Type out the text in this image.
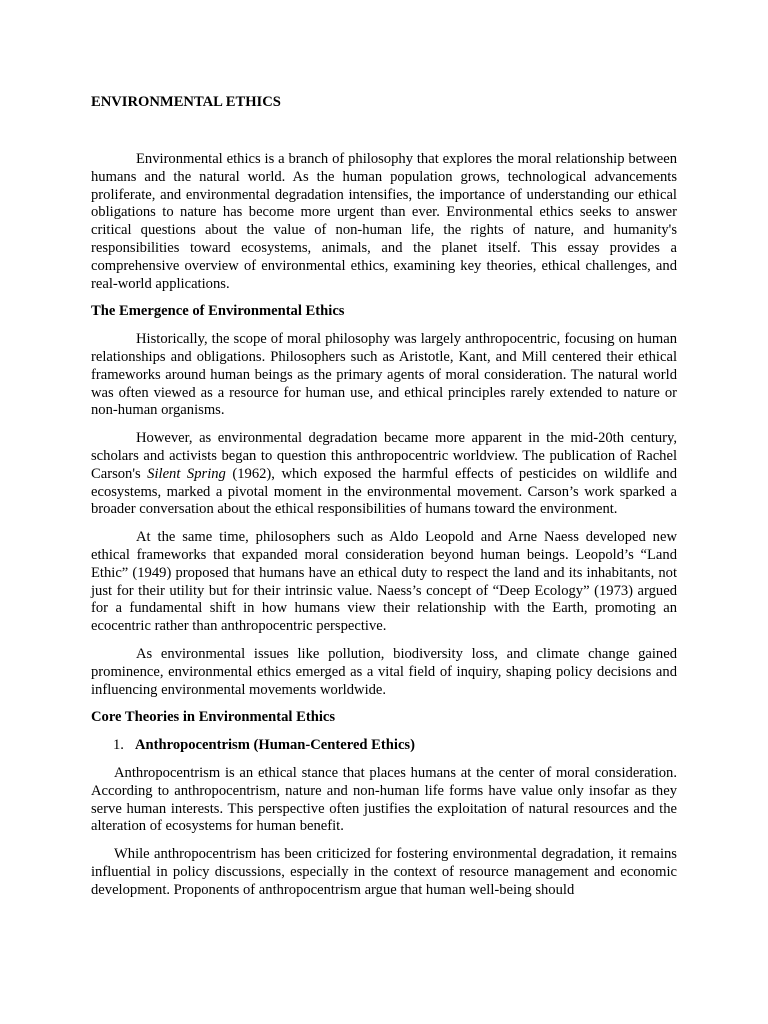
ENVIRONMENTAL ETHICS

Environmental ethics is a branch of philosophy that explores the moral relationship between humans and the natural world. As the human population grows, technological advancements proliferate, and environmental degradation intensifies, the importance of understanding our ethical obligations to nature has become more urgent than ever. Environmental ethics seeks to answer critical questions about the value of non-human life, the rights of nature, and humanity's responsibilities toward ecosystems, animals, and the planet itself. This essay provides a comprehensive overview of environmental ethics, examining key theories, ethical challenges, and real-world applications.

The Emergence of Environmental Ethics

Historically, the scope of moral philosophy was largely anthropocentric, focusing on human relationships and obligations. Philosophers such as Aristotle, Kant, and Mill centered their ethical frameworks around human beings as the primary agents of moral consideration. The natural world was often viewed as a resource for human use, and ethical principles rarely extended to nature or non-human organisms.

However, as environmental degradation became more apparent in the mid-20th century, scholars and activists began to question this anthropocentric worldview. The publication of Rachel Carson's Silent Spring (1962), which exposed the harmful effects of pesticides on wildlife and ecosystems, marked a pivotal moment in the environmental movement. Carson’s work sparked a broader conversation about the ethical responsibilities of humans toward the environment.

At the same time, philosophers such as Aldo Leopold and Arne Naess developed new ethical frameworks that expanded moral consideration beyond human beings. Leopold’s “Land Ethic” (1949) proposed that humans have an ethical duty to respect the land and its inhabitants, not just for their utility but for their intrinsic value. Naess’s concept of “Deep Ecology” (1973) argued for a fundamental shift in how humans view their relationship with the Earth, promoting an ecocentric rather than anthropocentric perspective.

As environmental issues like pollution, biodiversity loss, and climate change gained prominence, environmental ethics emerged as a vital field of inquiry, shaping policy decisions and influencing environmental movements worldwide.

Core Theories in Environmental Ethics
1. Anthropocentrism (Human-Centered Ethics)

Anthropocentrism is an ethical stance that places humans at the center of moral consideration. According to anthropocentrism, nature and non-human life forms have value only insofar as they serve human interests. This perspective often justifies the exploitation of natural resources and the alteration of ecosystems for human benefit.

While anthropocentrism has been criticized for fostering environmental degradation, it remains influential in policy discussions, especially in the context of resource management and economic development. Proponents of anthropocentrism argue that human well-being should
